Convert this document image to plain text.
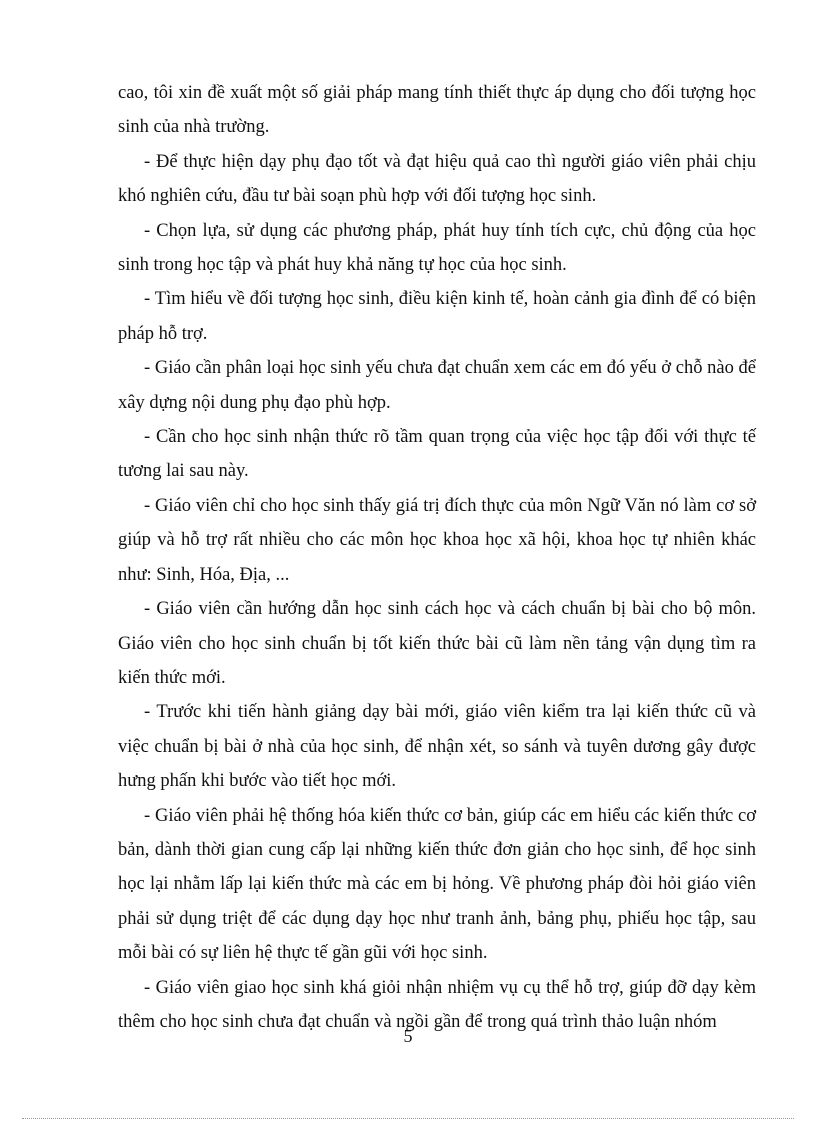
cao, tôi xin đề xuất một số giải pháp mang tính thiết thực áp dụng cho đối tượng học sinh của nhà trường.

- Để thực hiện dạy phụ đạo tốt và đạt hiệu quả cao thì người giáo viên phải chịu khó nghiên cứu, đầu tư bài soạn phù hợp với đối tượng học sinh.

- Chọn lựa, sử dụng các phương pháp, phát huy tính tích cực, chủ động của học sinh trong học tập và phát huy khả năng tự học của học sinh.

- Tìm hiểu về đối tượng học sinh, điều kiện kinh tế, hoàn cảnh gia đình để có biện pháp hỗ trợ.

- Giáo cần phân loại học sinh yếu chưa đạt chuẩn xem các em đó yếu ở chỗ nào để xây dựng nội dung phụ đạo phù hợp.

- Cần cho học sinh nhận thức rõ tầm quan trọng của việc học tập đối với thực tế tương lai sau này.

- Giáo viên chỉ cho học sinh thấy giá trị đích thực của môn Ngữ Văn nó làm cơ sở giúp và hỗ trợ rất nhiều cho các môn học khoa học xã hội, khoa học tự nhiên khác như: Sinh, Hóa, Địa, ...

- Giáo viên cần hướng dẫn học sinh cách học và cách chuẩn bị bài cho bộ môn. Giáo viên cho học sinh chuẩn bị tốt kiến thức bài cũ làm nền tảng vận dụng tìm ra kiến thức mới.

- Trước khi tiến hành giảng dạy bài mới, giáo viên kiểm tra lại kiến thức cũ và việc chuẩn bị bài ở nhà của học sinh, để nhận xét, so sánh và tuyên dương gây được hưng phấn khi bước vào tiết học mới.

- Giáo viên phải hệ thống hóa kiến thức cơ bản, giúp các em hiểu các kiến thức cơ bản, dành thời gian cung cấp lại những kiến thức đơn giản cho học sinh, để học sinh học lại nhằm lấp lại kiến thức mà các em bị hỏng. Về phương pháp đòi hỏi giáo viên phải sử dụng triệt để các dụng dạy học như tranh ảnh, bảng phụ, phiếu học tập, sau mỗi bài có sự liên hệ thực tế gần gũi với học sinh.

- Giáo viên giao học sinh khá giỏi nhận nhiệm vụ cụ thể hỗ trợ, giúp đỡ dạy kèm thêm cho học sinh chưa đạt chuẩn và ngồi gần để trong quá trình thảo luận nhóm

5
